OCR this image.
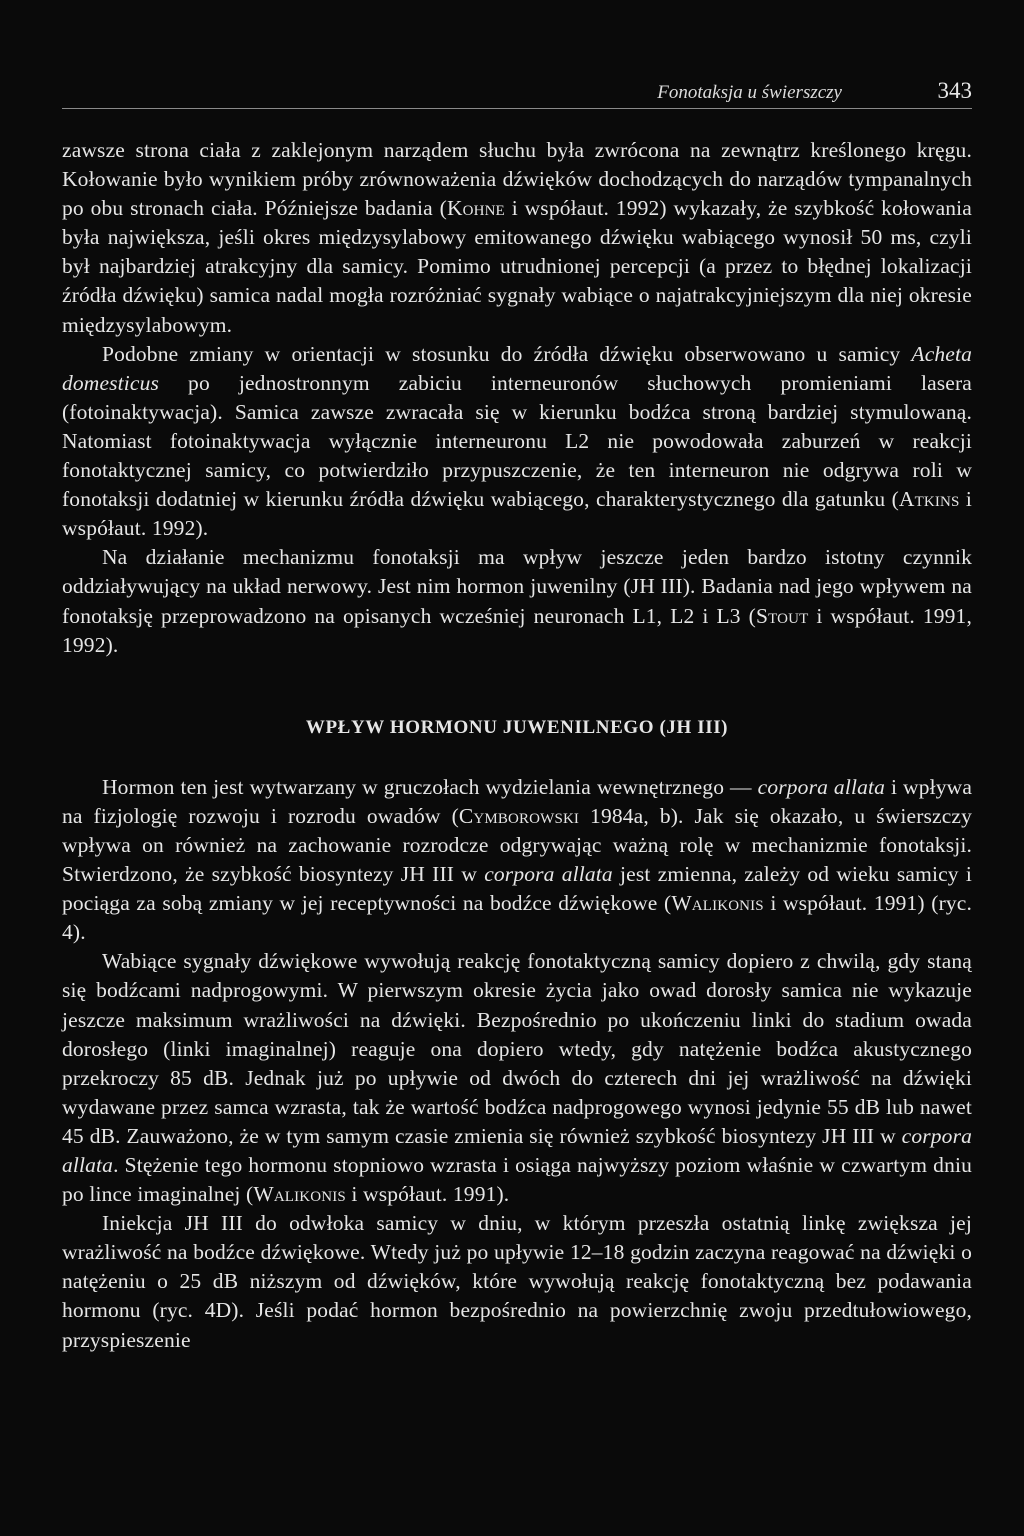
Fonotaksja u świerszczy	343

zawsze strona ciała z zaklejonym narządem słuchu była zwrócona na zewnątrz kreślonego kręgu. Kołowanie było wynikiem próby zrównoważenia dźwięków dochodzących do narządów tympanalnych po obu stronach ciała. Późniejsze badania (Kohne i współaut. 1992) wykazały, że szybkość kołowania była największa, jeśli okres międzysylabowy emitowanego dźwięku wabiącego wynosił 50 ms, czyli był najbardziej atrakcyjny dla samicy. Pomimo utrudnionej percepcji (a przez to błędnej lokalizacji źródła dźwięku) samica nadal mogła rozróżniać sygnały wabiące o najatrakcyjniejszym dla niej okresie międzysylabowym.

Podobne zmiany w orientacji w stosunku do źródła dźwięku obserwowano u samicy Acheta domesticus po jednostronnym zabiciu interneuronów słuchowych promieniami lasera (fotoinaktywacja). Samica zawsze zwracała się w kierunku bodźca stroną bardziej stymulowaną. Natomiast fotoinaktywacja wyłącznie interneuronu L2 nie powodowała zaburzeń w reakcji fonotaktycznej samicy, co potwierdziło przypuszczenie, że ten interneuron nie odgrywa roli w fonotaksji dodatniej w kierunku źródła dźwięku wabiącego, charakterystycznego dla gatunku (Atkins i współaut. 1992).

Na działanie mechanizmu fonotaksji ma wpływ jeszcze jeden bardzo istotny czynnik oddziaływujący na układ nerwowy. Jest nim hormon juwenilny (JH III). Badania nad jego wpływem na fonotaksję przeprowadzono na opisanych wcześniej neuronach L1, L2 i L3 (Stout i współaut. 1991, 1992).

WPŁYW HORMONU JUWENILNEGO (JH III)

Hormon ten jest wytwarzany w gruczołach wydzielania wewnętrznego — corpora allata i wpływa na fizjologię rozwoju i rozrodu owadów (Cymborowski 1984a, b). Jak się okazało, u świerszczy wpływa on również na zachowanie rozrodcze odgrywając ważną rolę w mechanizmie fonotaksji. Stwierdzono, że szybkość biosyntezy JH III w corpora allata jest zmienna, zależy od wieku samicy i pociąga za sobą zmiany w jej receptywności na bodźce dźwiękowe (Walikonis i współaut. 1991) (ryc. 4).

Wabiące sygnały dźwiękowe wywołują reakcję fonotaktyczną samicy dopiero z chwilą, gdy staną się bodźcami nadprogowymi. W pierwszym okresie życia jako owad dorosły samica nie wykazuje jeszcze maksimum wrażliwości na dźwięki. Bezpośrednio po ukończeniu linki do stadium owada dorosłego (linki imaginalnej) reaguje ona dopiero wtedy, gdy natężenie bodźca akustycznego przekroczy 85 dB. Jednak już po upływie od dwóch do czterech dni jej wrażliwość na dźwięki wydawane przez samca wzrasta, tak że wartość bodźca nadprogowego wynosi jedynie 55 dB lub nawet 45 dB. Zauważono, że w tym samym czasie zmienia się również szybkość biosyntezy JH III w corpora allata. Stężenie tego hormonu stopniowo wzrasta i osiąga najwyższy poziom właśnie w czwartym dniu po lince imaginalnej (Walikonis i współaut. 1991).

Iniekcja JH III do odwłoka samicy w dniu, w którym przeszła ostatnią linkę zwiększa jej wrażliwość na bodźce dźwiękowe. Wtedy już po upływie 12–18 godzin zaczyna reagować na dźwięki o natężeniu o 25 dB niższym od dźwięków, które wywołują reakcję fonotaktyczną bez podawania hormonu (ryc. 4D). Jeśli podać hormon bezpośrednio na powierzchnię zwoju przedtułowiowego, przyspieszenie
